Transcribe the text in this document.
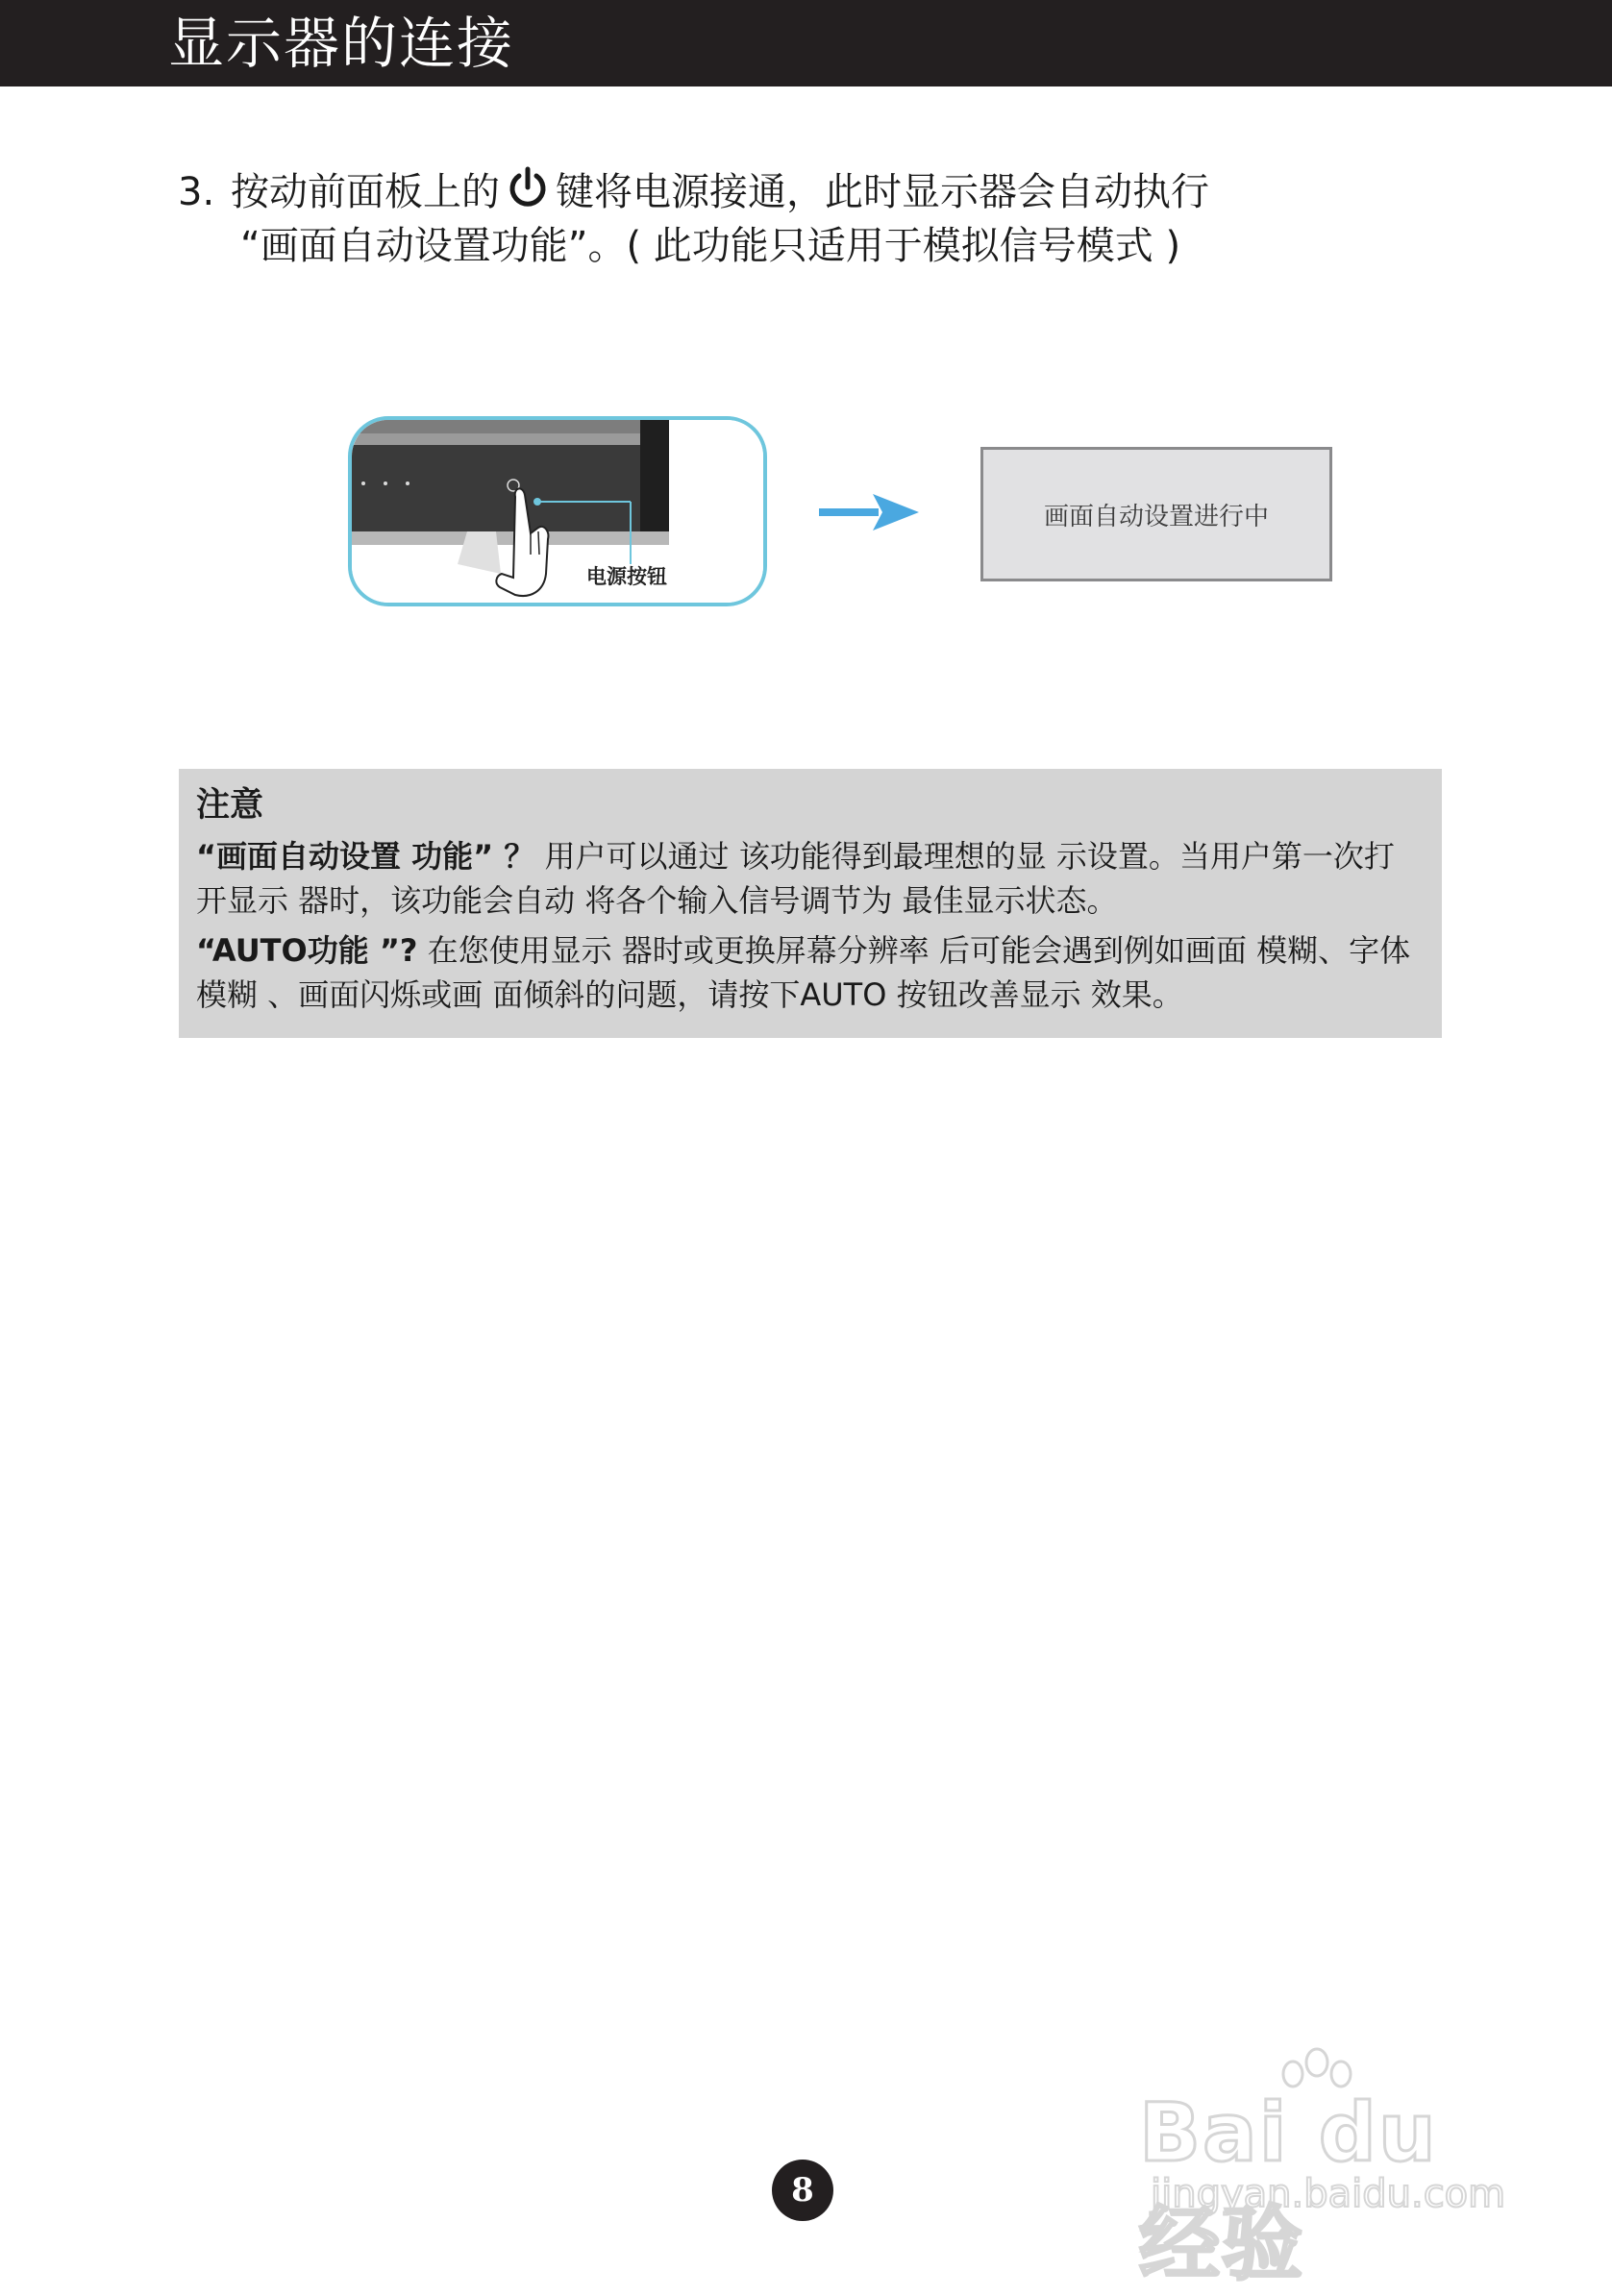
显示器的连接
3. 按动前面板上的 键将电源接通，此时显示器会自动执行
“画面自动设置功能”。( 此功能只适用于模拟信号模式 )
电源按钮
画面自动设置进行中
注意

“画面自动设置 功能” ？ 用户可以通过 该功能得到最理想的显 示设置。当用户第一次打开显示 器时，该功能会自动 将各个输入信号调节为 最佳显示状态。

“AUTO功能 ”? 在您使用显示 器时或更换屏幕分辨率 后可能会遇到例如画面 模糊、字体模糊 、画面闪烁或画 面倾斜的问题，请按下AUTO 按钮改善显示 效果。

Bai du 经验
jingyan.baidu.com
8
